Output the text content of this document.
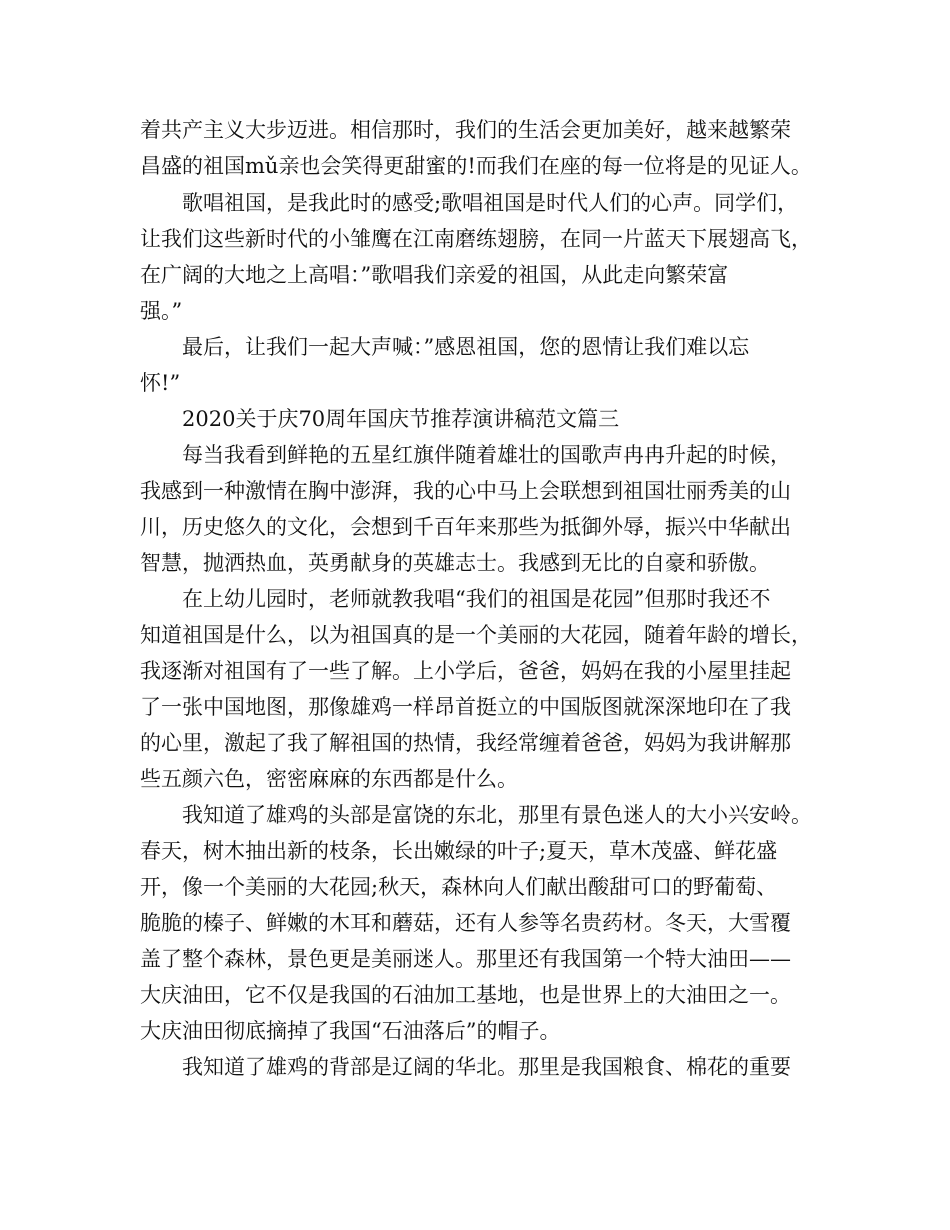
着共产主义大步迈进。相信那时，我们的生活会更加美好，越来越繁荣
昌盛的祖国mǔ亲也会笑得更甜蜜的!而我们在座的每一位将是的见证人。
歌唱祖国，是我此时的感受;歌唱祖国是时代人们的心声。同学们，
让我们这些新时代的小雏鹰在江南磨练翅膀，在同一片蓝天下展翅高飞，
在广阔的大地之上高唱：”歌唱我们亲爱的祖国，从此走向繁荣富
强。”
最后，让我们一起大声喊：”感恩祖国，您的恩情让我们难以忘
怀!”
2020关于庆70周年国庆节推荐演讲稿范文篇三
每当我看到鲜艳的五星红旗伴随着雄壮的国歌声冉冉升起的时候，
我感到一种激情在胸中澎湃，我的心中马上会联想到祖国壮丽秀美的山
川，历史悠久的文化，会想到千百年来那些为抵御外辱，振兴中华献出
智慧，抛洒热血，英勇献身的英雄志士。我感到无比的自豪和骄傲。
在上幼儿园时，老师就教我唱“我们的祖国是花园”但那时我还不
知道祖国是什么，以为祖国真的是一个美丽的大花园，随着年龄的增长，
我逐渐对祖国有了一些了解。上小学后，爸爸，妈妈在我的小屋里挂起
了一张中国地图，那像雄鸡一样昂首挺立的中国版图就深深地印在了我
的心里，激起了我了解祖国的热情，我经常缠着爸爸，妈妈为我讲解那
些五颜六色，密密麻麻的东西都是什么。
我知道了雄鸡的头部是富饶的东北，那里有景色迷人的大小兴安岭。
春天，树木抽出新的枝条，长出嫩绿的叶子;夏天，草木茂盛、鲜花盛
开，像一个美丽的大花园;秋天，森林向人们献出酸甜可口的野葡萄、
脆脆的榛子、鲜嫩的木耳和蘑菇，还有人参等名贵药材。冬天，大雪覆
盖了整个森林，景色更是美丽迷人。那里还有我国第一个特大油田——
大庆油田，它不仅是我国的石油加工基地，也是世界上的大油田之一。
大庆油田彻底摘掉了我国“石油落后”的帽子。
我知道了雄鸡的背部是辽阔的华北。那里是我国粮食、棉花的重要
